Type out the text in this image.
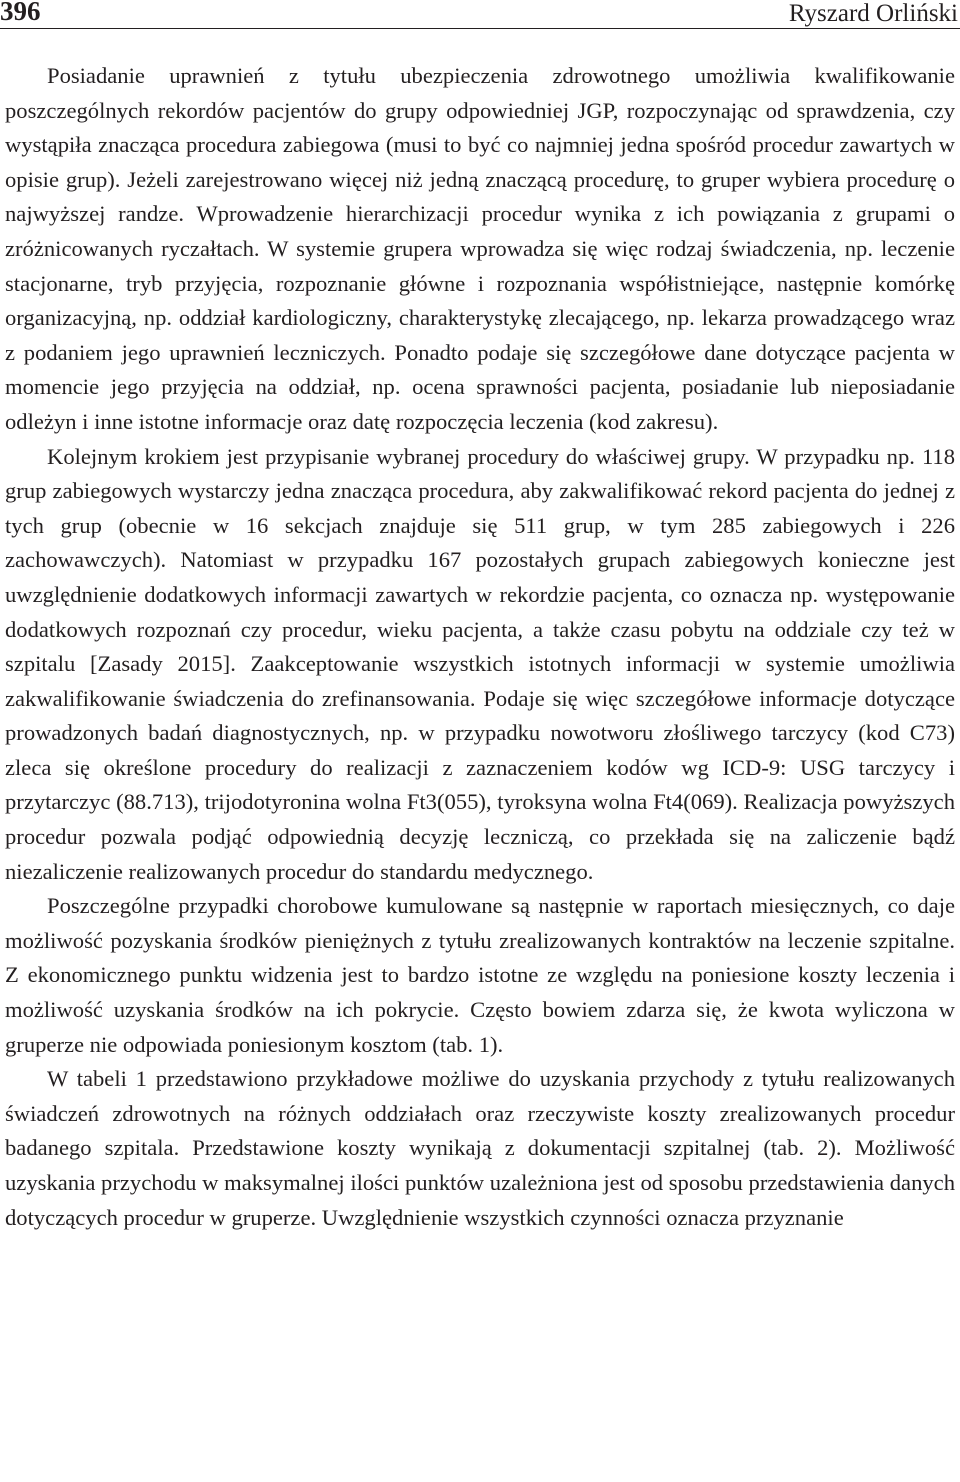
396	Ryszard Orliński

Posiadanie uprawnień z tytułu ubezpieczenia zdrowotnego umożliwia kwalifikowanie poszczególnych rekordów pacjentów do grupy odpowiedniej JGP, rozpoczynając od sprawdzenia, czy wystąpiła znacząca procedura zabiegowa (musi to być co najmniej jedna spośród procedur zawartych w opisie grup). Jeżeli zarejestrowano więcej niż jedną znaczącą procedurę, to gruper wybiera procedurę o najwyższej randze. Wprowadzenie hierarchizacji procedur wynika z ich powiązania z grupami o zróżnicowanych ryczałtach. W systemie grupera wprowadza się więc rodzaj świadczenia, np. leczenie stacjonarne, tryb przyjęcia, rozpoznanie główne i rozpoznania współistniejące, następnie komórkę organizacyjną, np. oddział kardiologiczny, charakterystykę zlecającego, np. lekarza prowadzącego wraz z podaniem jego uprawnień leczniczych. Ponadto podaje się szczegółowe dane dotyczące pacjenta w momencie jego przyjęcia na oddział, np. ocena sprawności pacjenta, posiadanie lub nieposiadanie odleżyn i inne istotne informacje oraz datę rozpoczęcia leczenia (kod zakresu).

Kolejnym krokiem jest przypisanie wybranej procedury do właściwej grupy. W przypadku np. 118 grup zabiegowych wystarczy jedna znacząca procedura, aby zakwalifikować rekord pacjenta do jednej z tych grup (obecnie w 16 sekcjach znajduje się 511 grup, w tym 285 zabiegowych i 226 zachowawczych). Natomiast w przypadku 167 pozostałych grupach zabiegowych konieczne jest uwzględnienie dodatkowych informacji zawartych w rekordzie pacjenta, co oznacza np. występowanie dodatkowych rozpoznań czy procedur, wieku pacjenta, a także czasu pobytu na oddziale czy też w szpitalu [Zasady 2015]. Zaakceptowanie wszystkich istotnych informacji w systemie umożliwia zakwalifikowanie świadczenia do zrefinansowania. Podaje się więc szczegółowe informacje dotyczące prowadzonych badań diagnostycznych, np. w przypadku nowotworu złośliwego tarczycy (kod C73) zleca się określone procedury do realizacji z zaznaczeniem kodów wg ICD-9: USG tarczycy i przytarczyc (88.713), trijodotyronina wolna Ft3(055), tyroksyna wolna Ft4(069). Realizacja powyższych procedur pozwala podjąć odpowiednią decyzję leczniczą, co przekłada się na zaliczenie bądź niezaliczenie realizowanych procedur do standardu medycznego.

Poszczególne przypadki chorobowe kumulowane są następnie w raportach miesięcznych, co daje możliwość pozyskania środków pieniężnych z tytułu zrealizowanych kontraktów na leczenie szpitalne. Z ekonomicznego punktu widzenia jest to bardzo istotne ze względu na poniesione koszty leczenia i możliwość uzyskania środków na ich pokrycie. Często bowiem zdarza się, że kwota wyliczona w gruperze nie odpowiada poniesionym kosztom (tab. 1).

W tabeli 1 przedstawiono przykładowe możliwe do uzyskania przychody z tytułu realizowanych świadczeń zdrowotnych na różnych oddziałach oraz rzeczywiste koszty zrealizowanych procedur badanego szpitala. Przedstawione koszty wynikają z dokumentacji szpitalnej (tab. 2). Możliwość uzyskania przychodu w maksymalnej ilości punktów uzależniona jest od sposobu przedstawienia danych dotyczących procedur w gruperze. Uwzględnienie wszystkich czynności oznacza przyznanie
